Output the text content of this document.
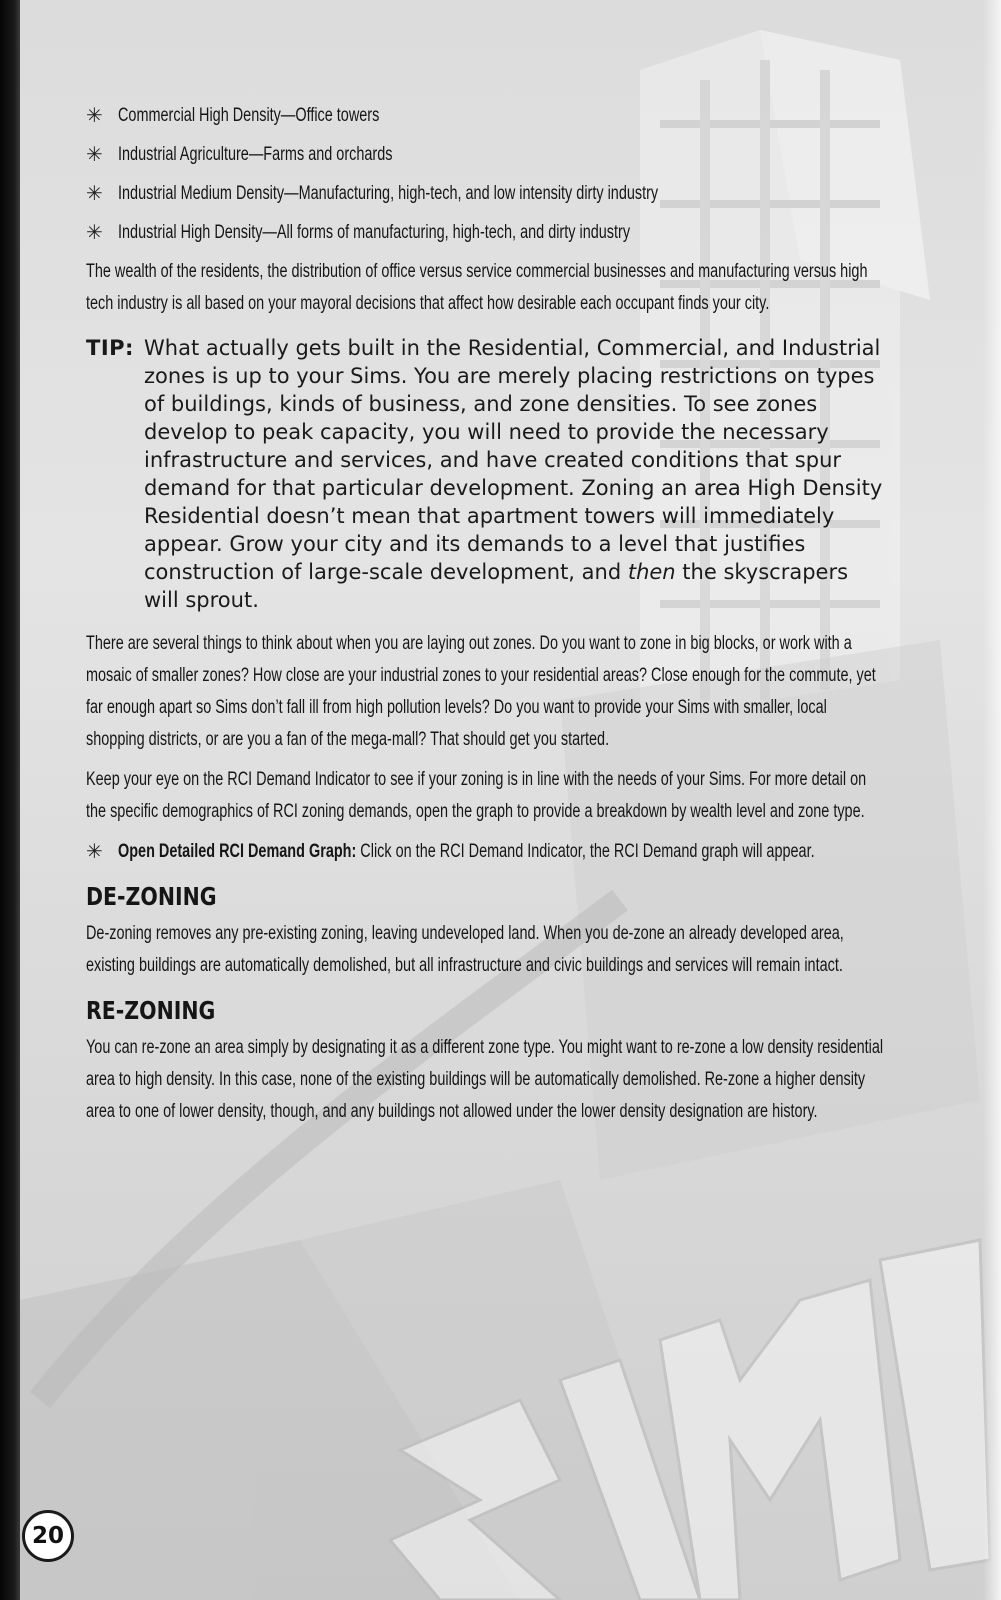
✳ Commercial High Density—Office towers

✳ Industrial Agriculture—Farms and orchards

✳ Industrial Medium Density—Manufacturing, high-tech, and low intensity dirty industry

✳ Industrial High Density—All forms of manufacturing, high-tech, and dirty industry

The wealth of the residents, the distribution of office versus service commercial businesses and manufacturing versus high tech industry is all based on your mayoral decisions that affect how desirable each occupant finds your city.

TIP: What actually gets built in the Residential, Commercial, and Industrial zones is up to your Sims. You are merely placing restrictions on types of buildings, kinds of business, and zone densities. To see zones develop to peak capacity, you will need to provide the necessary infrastructure and services, and have created conditions that spur demand for that particular development. Zoning an area High Density Residential doesn’t mean that apartment towers will immediately appear. Grow your city and its demands to a level that justifies construction of large-scale development, and then the skyscrapers will sprout.

There are several things to think about when you are laying out zones. Do you want to zone in big blocks, or work with a mosaic of smaller zones? How close are your industrial zones to your residential areas? Close enough for the commute, yet far enough apart so Sims don’t fall ill from high pollution levels? Do you want to provide your Sims with smaller, local shopping districts, or are you a fan of the mega-mall? That should get you started.

Keep your eye on the RCI Demand Indicator to see if your zoning is in line with the needs of your Sims. For more detail on the specific demographics of RCI zoning demands, open the graph to provide a breakdown by wealth level and zone type.

✳ Open Detailed RCI Demand Graph: Click on the RCI Demand Indicator, the RCI Demand graph will appear.

DE-ZONING

De-zoning removes any pre-existing zoning, leaving undeveloped land. When you de-zone an already developed area, existing buildings are automatically demolished, but all infrastructure and civic buildings and services will remain intact.

RE-ZONING

You can re-zone an area simply by designating it as a different zone type. You might want to re-zone a low density residential area to high density. In this case, none of the existing buildings will be automatically demolished. Re-zone a higher density area to one of lower density, though, and any buildings not allowed under the lower density designation are history.

20
